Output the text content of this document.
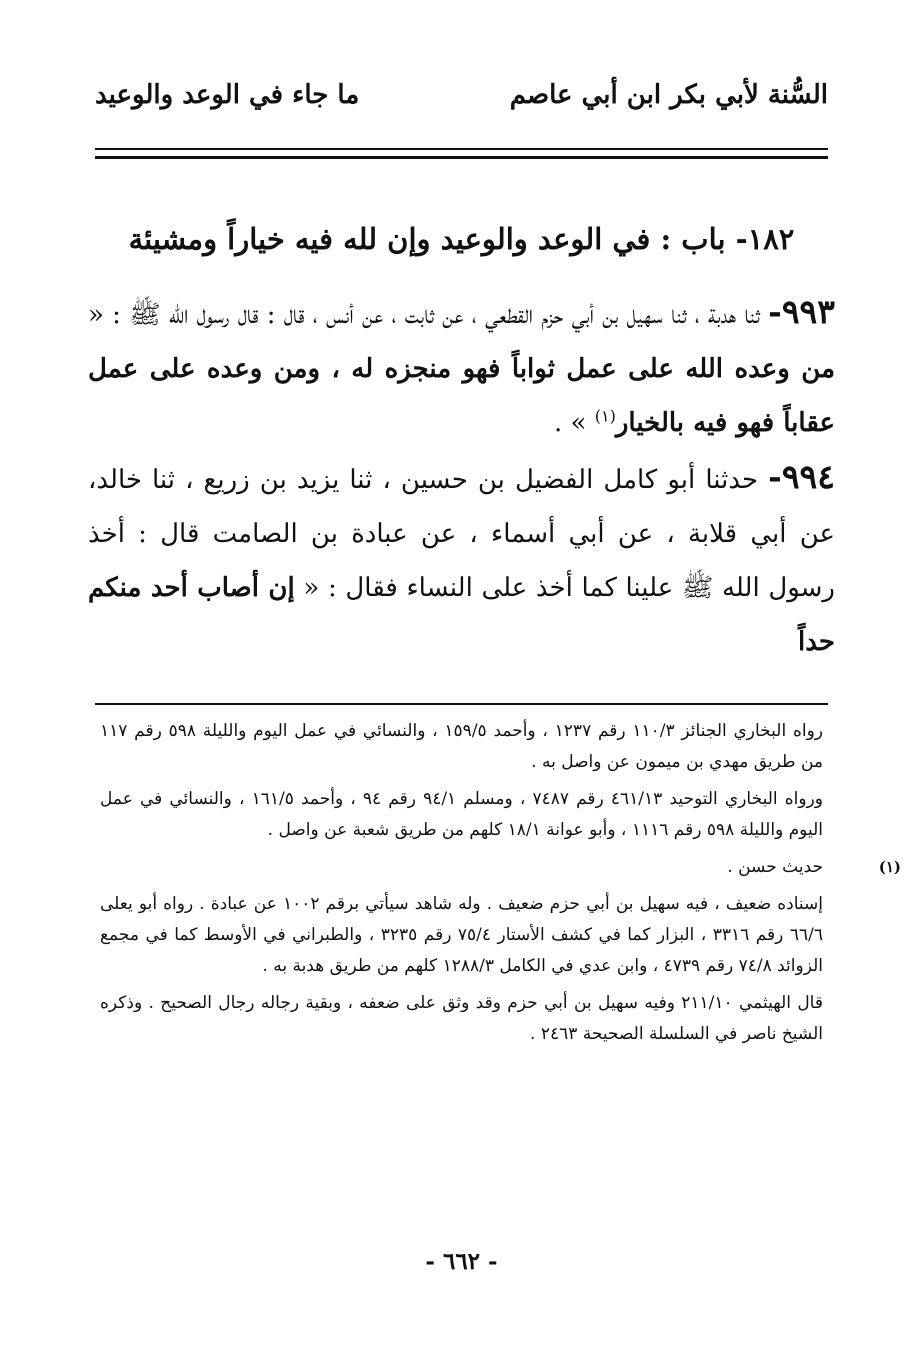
السُّنة لأبي بكر ابن أبي عاصم
ما جاء في الوعد والوعيد
١٨٢- باب : في الوعد والوعيد وإن لله فيه خياراً ومشيئة
٩٩٣- ثنا هدبة ، ثنا سهيل بن أبي حزم القطعي ، عن ثابت ، عن أنس ، قال : قال رسول الله ﷺ : « من وعده الله على عمل ثواباً فهو منجزه له ، ومن وعده على عمل عقاباً فهو فيه بالخيار$^{(١)}$ » .
٩٩٤- حدثنا أبو كامل الفضيل بن حسين ، ثنا يزيد بن زريع ، ثنا خالد، عن أبي قلابة ، عن أبي أسماء ، عن عبادة بن الصامت قال : أخذ رسول الله ﷺ علينا كما أخذ على النساء فقال : « إن أصاب أحد منكم حداً
رواه البخاري الجنائز ١١٠/٣ رقم ١٢٣٧ ، وأحمد ١٥٩/٥ ، والنسائي في عمل اليوم والليلة ٥٩٨ رقم ١١٧ من طريق مهدي بن ميمون عن واصل به .
ورواه البخاري التوحيد ٤٦١/١٣ رقم ٧٤٨٧ ، ومسلم ٩٤/١ رقم ٩٤ ، وأحمد ١٦١/٥ ، والنسائي في عمل اليوم والليلة ٥٩٨ رقم ١١١٦ ، وأبو عوانة ١٨/١ كلهم من طريق شعبة عن واصل .
(١)
حديث حسن .
إسناده ضعيف ، فيه سهيل بن أبي حزم ضعيف . وله شاهد سيأتي برقم ١٠٠٢ عن عبادة . رواه أبو يعلى ٦٦/٦ رقم ٣٣١٦ ، البزار كما في كشف الأستار ٧٥/٤ رقم ٣٢٣٥ ، والطبراني في الأوسط كما في مجمع الزوائد ٧٤/٨ رقم ٤٧٣٩ ، وابن عدي في الكامل ١٢٨٨/٣ كلهم من طريق هدبة به .
قال الهيثمي ٢١١/١٠ وفيه سهيل بن أبي حزم وقد وثق على ضعفه ، وبقية رجاله رجال الصحيح . وذكره الشيخ ناصر في السلسلة الصحيحة ٢٤٦٣ .
- ٦٦٢ -
